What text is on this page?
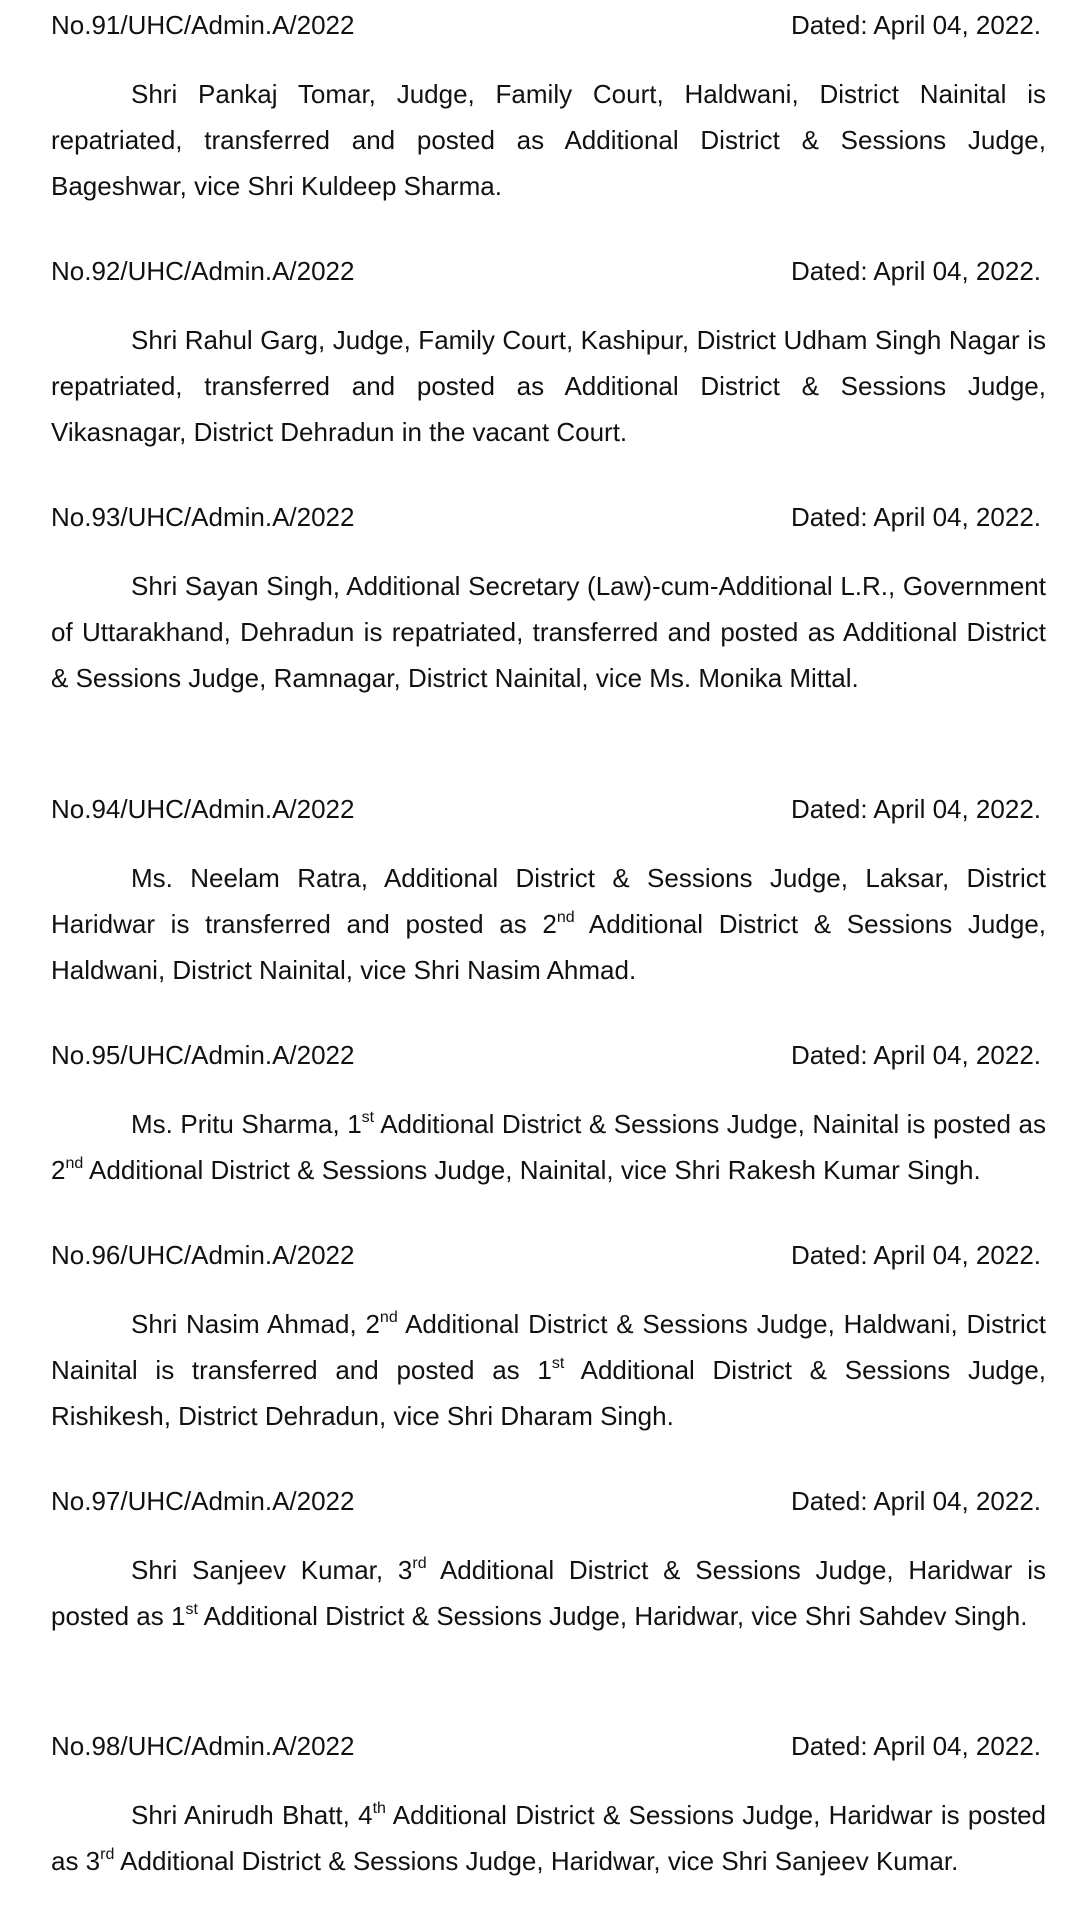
No.91/UHC/Admin.A/2022	Dated: April 04, 2022.

Shri Pankaj Tomar, Judge, Family Court, Haldwani, District Nainital is repatriated, transferred and posted as Additional District & Sessions Judge, Bageshwar, vice Shri Kuldeep Sharma.

No.92/UHC/Admin.A/2022	Dated: April 04, 2022.

Shri Rahul Garg, Judge, Family Court, Kashipur, District Udham Singh Nagar is repatriated, transferred and posted as Additional District & Sessions Judge, Vikasnagar, District Dehradun in the vacant Court.

No.93/UHC/Admin.A/2022	Dated: April 04, 2022.

Shri Sayan Singh, Additional Secretary (Law)-cum-Additional L.R., Government of Uttarakhand, Dehradun is repatriated, transferred and posted as Additional District & Sessions Judge, Ramnagar, District Nainital, vice Ms. Monika Mittal.

No.94/UHC/Admin.A/2022	Dated: April 04, 2022.

Ms. Neelam Ratra, Additional District & Sessions Judge, Laksar, District Haridwar is transferred and posted as 2nd Additional District & Sessions Judge, Haldwani, District Nainital, vice Shri Nasim Ahmad.

No.95/UHC/Admin.A/2022	Dated: April 04, 2022.

Ms. Pritu Sharma, 1st Additional District & Sessions Judge, Nainital is posted as 2nd Additional District & Sessions Judge, Nainital, vice Shri Rakesh Kumar Singh.

No.96/UHC/Admin.A/2022	Dated: April 04, 2022.

Shri Nasim Ahmad, 2nd Additional District & Sessions Judge, Haldwani, District Nainital is transferred and posted as 1st Additional District & Sessions Judge, Rishikesh, District Dehradun, vice Shri Dharam Singh.

No.97/UHC/Admin.A/2022	Dated: April 04, 2022.

Shri Sanjeev Kumar, 3rd Additional District & Sessions Judge, Haridwar is posted as 1st Additional District & Sessions Judge, Haridwar, vice Shri Sahdev Singh.

No.98/UHC/Admin.A/2022	Dated: April 04, 2022.

Shri Anirudh Bhatt, 4th Additional District & Sessions Judge, Haridwar is posted as 3rd Additional District & Sessions Judge, Haridwar, vice Shri Sanjeev Kumar.
